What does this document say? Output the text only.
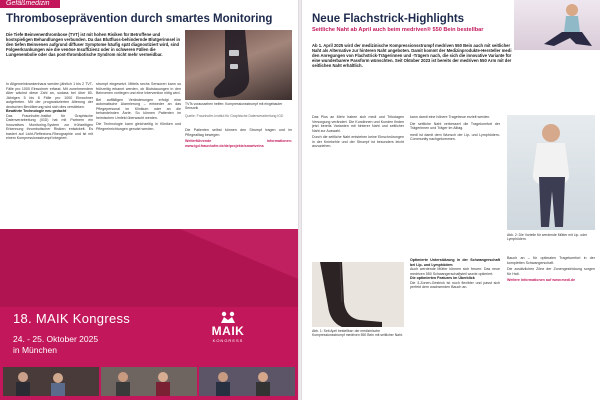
Gefäßmedizin
Thromboseprävention durch smartes Monitoring
Die Tiefe Beinvenenthrombose (TVT) ist mit hohen Risiken für Betroffene und kostspieligen Behandlungen verbunden. Da das Blutfluss-behindernde Blutgerinnsel in den tiefen Beinvenen aufgrund diffuser Symptome häufig spät diagnostiziert wird, sind Folgeerkrankungen wie die venöse Insuffizienz oder in schweren Fällen die Lungenembolie oder das post-thrombotische Syndrom nicht mehr vermeidbar.

In Allgemeinkrankenhaus werden jährlich 1 bis 2 TVT-Fälle pro 1000 Einwohner erfasst. Mit zunehmendem Alter wächst diese Zahl an, sodass bei über 80-Jährigen 5 bis 8 Fälle pro 1000 Einwohner aufgetreten. Mit der prognostizierten Alterung der deutschen Bevölkerung wird sich dies verstärken.

Bewährte Technologie neu gedacht

Das Fraunhofer-Institut für Graphische Datenverarbeitung (IGD) hat mit Partnern ein innovatives Monitoring-System zur frühzeitigen Erkennung thrombotischer Risiken entwickelt. Es basiert auf Licht-Reflexions-Rheographie und ist mit einem Kompressionsstrumpf integriert.

strumpf eingesetzt. Mittels sechs Sensoren kann so frühzeitig erkannt werden, ob Blutstauungen in den Beinvenen vorliegen und eine Intervention nötig wird.

Bei auffälligen Veränderungen erfolgt eine automatische Alarmierung – entweder an das Pflegepersonal im Klinikum oder an die behandelnden Ärzte. So können Patienten im heimischen Umfeld überwacht werden.

Die Technologie kann gleichzeitig in Kliniken und Pflegeeinrichtungen genutzt werden.

TVTs voraussehen helfen: Kompressionsstrumpf mit eingebauter Sensorik
Quelle: Fraunhofer-Institut für Graphische Datenverarbeitung IGD

Die Patienten selbst können den Strumpf tragen und im Pflegealltag bewegen.

Weiterführende Informationen: www.igd.fraunhofer.de/de/projekte/smartveins
18. MAIK Kongress
24. - 25. Oktober 2025
in München
MAIK
KONGRESS
Neue Flachstrick-Highlights
Seitliche Naht ab April auch beim medriven® 550 Bein bestellbar
Ab 1. April 2025 wird der medizinische Kompressionsstrumpf medriven 550 Bein auch mit seitlicher Naht als Alternative zur hinteren Naht angeboten. Damit kommt der Medizinprodukte-Hersteller medi den Anregungen von Flachstrick-Trägerinnen und -Trägern nach, die sich die innovative Variante für eine wunderbarere Passform wünschten. Seit Oktober 2023 ist bereits der medriven 550 Arm mit der seitlichen Naht erhältlich.

Das Plus an Mehr haben sich medi und Trikotagen Versorgung verändert. Die Kundinnen und Kunden finden jetzt bereits Varianten mit hinterer Naht und seitlicher Naht zur Auswahl.

Durch die seitliche Naht entstehen keine Einschnürungen in der Kniekehle und der Strumpf ist besonders leicht anzuziehen.

kann damit eine höhere Tragetreue erzielt werden.

Die seitliche Naht verbessert die Tragekomfort der Trägerinnen und Träger im Alltag.

medi ist damit dem Wunsch der Lip- und Lymphödem-Community nachgekommen.

Abb. 1: Seit April bestellbar: der medizinische Kompressionsstrumpf medriven 550 Bein mit seitlicher Naht.
Optimierte Unterstützung in der Schwangerschaft bei Lip- und Lymphödem

Auch werdende Mütter können sich freuen: Das neue medriven 550 Schwangerschaftsteil wurde optimiert.

Die optimierten Features im Überblick

Die 3-Zonen-Gestrick ist noch flexibler und passt sich perfekt dem wachsenden Bauch an.

Abb. 2: Die Vorteile für werdende Mütter mit Lip- oder Lymphödem.

Bauch an – für optimalen Tragekomfort in der kompletten Schwangerschaft.

Die zusätzlichen Zöne der Zonengestrickung sorgen für Halt.

Weitere Informationen auf www.medi.de
